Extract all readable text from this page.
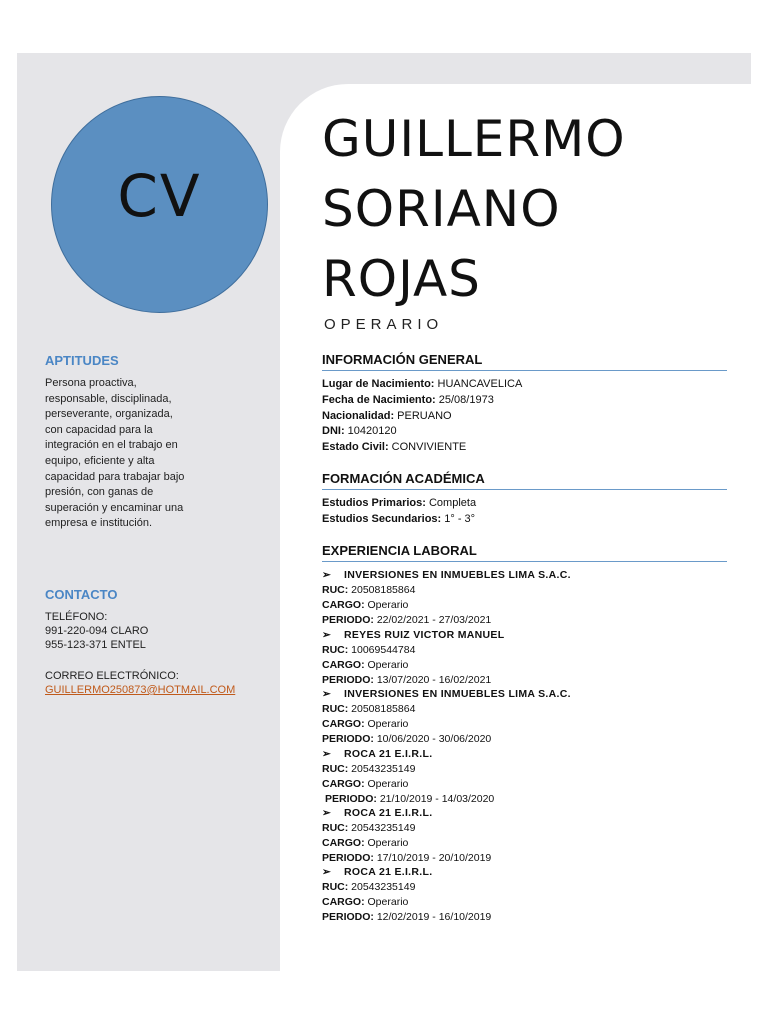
CV
APTITUDES
Persona proactiva,
responsable, disciplinada,
perseverante, organizada,
con capacidad para la
integración en el trabajo en
equipo, eficiente y alta
capacidad para trabajar bajo
presión, con ganas de
superación y encaminar una
empresa e institución.
CONTACTO
TELÉFONO:
991-220-094 CLARO
955-123-371 ENTEL
CORREO ELECTRÓNICO:
GUILLERMO250873@HOTMAIL.COM
GUILLERMO
SORIANO
ROJAS
OPERARIO
INFORMACIÓN GENERAL
Lugar de Nacimiento: HUANCAVELICA
Fecha de Nacimiento: 25/08/1973
Nacionalidad: PERUANO
DNI: 10420120
Estado Civil: CONVIVIENTE
FORMACIÓN ACADÉMICA
Estudios Primarios: Completa
Estudios Secundarios: 1° - 3°
EXPERIENCIA LABORAL
➢ INVERSIONES EN INMUEBLES LIMA S.A.C.
RUC: 20508185864
CARGO: Operario
PERIODO: 22/02/2021 - 27/03/2021
➢ REYES RUIZ VICTOR MANUEL
RUC: 10069544784
CARGO: Operario
PERIODO: 13/07/2020 - 16/02/2021
➢ INVERSIONES EN INMUEBLES LIMA S.A.C.
RUC: 20508185864
CARGO: Operario
PERIODO: 10/06/2020 - 30/06/2020
➢ ROCA 21 E.I.R.L.
RUC: 20543235149
CARGO: Operario
PERIODO: 21/10/2019 - 14/03/2020
➢ ROCA 21 E.I.R.L.
RUC: 20543235149
CARGO: Operario
PERIODO: 17/10/2019 - 20/10/2019
➢ ROCA 21 E.I.R.L.
RUC: 20543235149
CARGO: Operario
PERIODO: 12/02/2019 - 16/10/2019
